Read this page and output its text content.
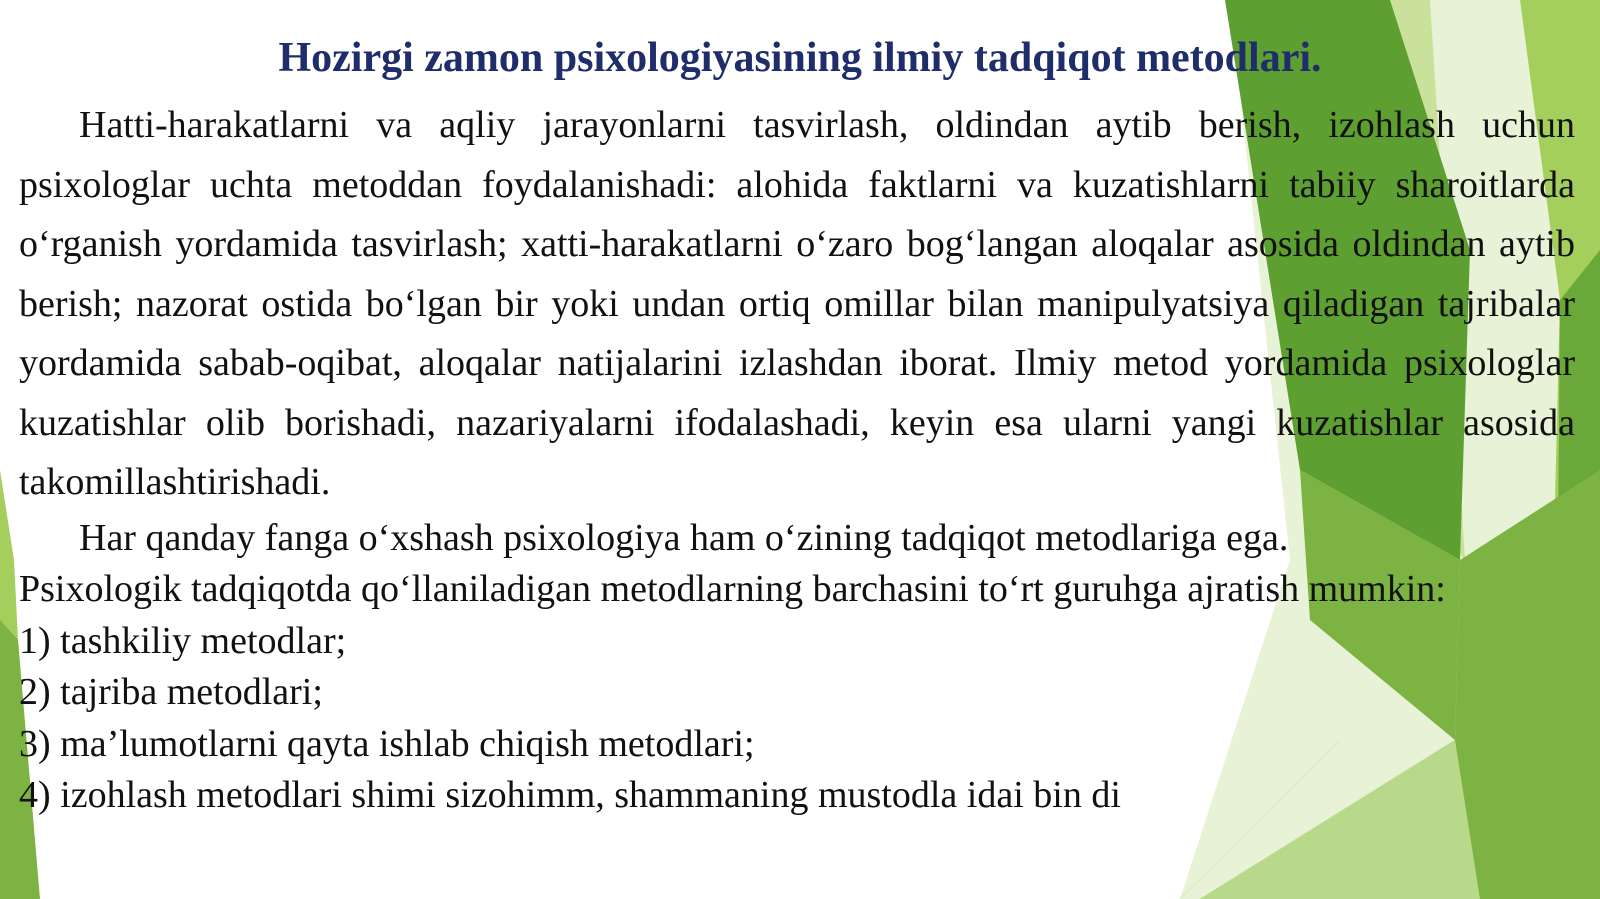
Hozirgi zamon psixologiyasining ilmiy tadqiqot metodlari.

Hatti-harakatlarni va aqliy jarayonlarni tasvirlash, oldindan aytib berish, izohlash uchun psixologlar uchta metoddan foydalanishadi: alohida faktlarni va kuzatishlarni tabiiy sharoitlarda o‘rganish yordamida tasvirlash; xatti-harakatlarni o‘zaro bog‘langan aloqalar asosida oldindan aytib berish; nazorat ostida bo‘lgan bir yoki undan ortiq omillar bilan manipulyatsiya qiladigan tajribalar yordamida sabab-oqibat, aloqalar natijalarini izlashdan iborat. Ilmiy metod yordamida psixologlar kuzatishlar olib borishadi, nazariyalarni ifodalashadi, keyin esa ularni yangi kuzatishlar asosida takomillashtirishadi.

Har qanday fanga o‘xshash psixologiya ham o‘zining tadqiqot metodlariga ega.

Psixologik tadqiqotda qo‘llaniladigan metodlarning barchasini to‘rt guruhga ajratish mumkin:

1) tashkiliy metodlar;
2) tajriba metodlari;
3) ma’lumotlarni qayta ishlab chiqish metodlari;
4) izohlash metodlari shimi sizohimm, shammaning mustodla idai bin di
